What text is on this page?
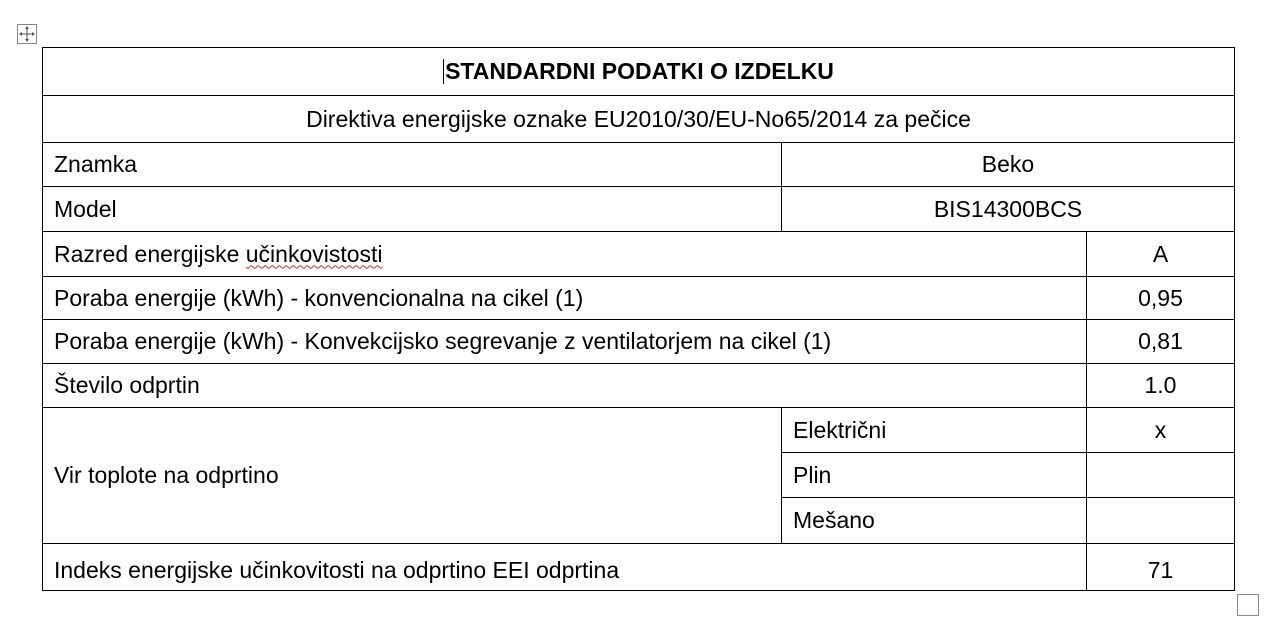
STANDARDNI PODATKI O IZDELKU
Direktiva energijske oznake EU2010/30/EU-No65/2014 za pečice
Znamka	Beko
Model	BIS14300BCS
Razred energijske učinkovistosti	A
Poraba energije (kWh) - konvencionalna na cikel (1)	0,95
Poraba energije (kWh) - Konvekcijsko segrevanje z ventilatorjem na cikel (1)	0,81
Število odprtin	1.0
Vir toplote na odprtino
Električni	x
Plin
Mešano
Indeks energijske učinkovitosti na odprtino EEI odprtina	71
